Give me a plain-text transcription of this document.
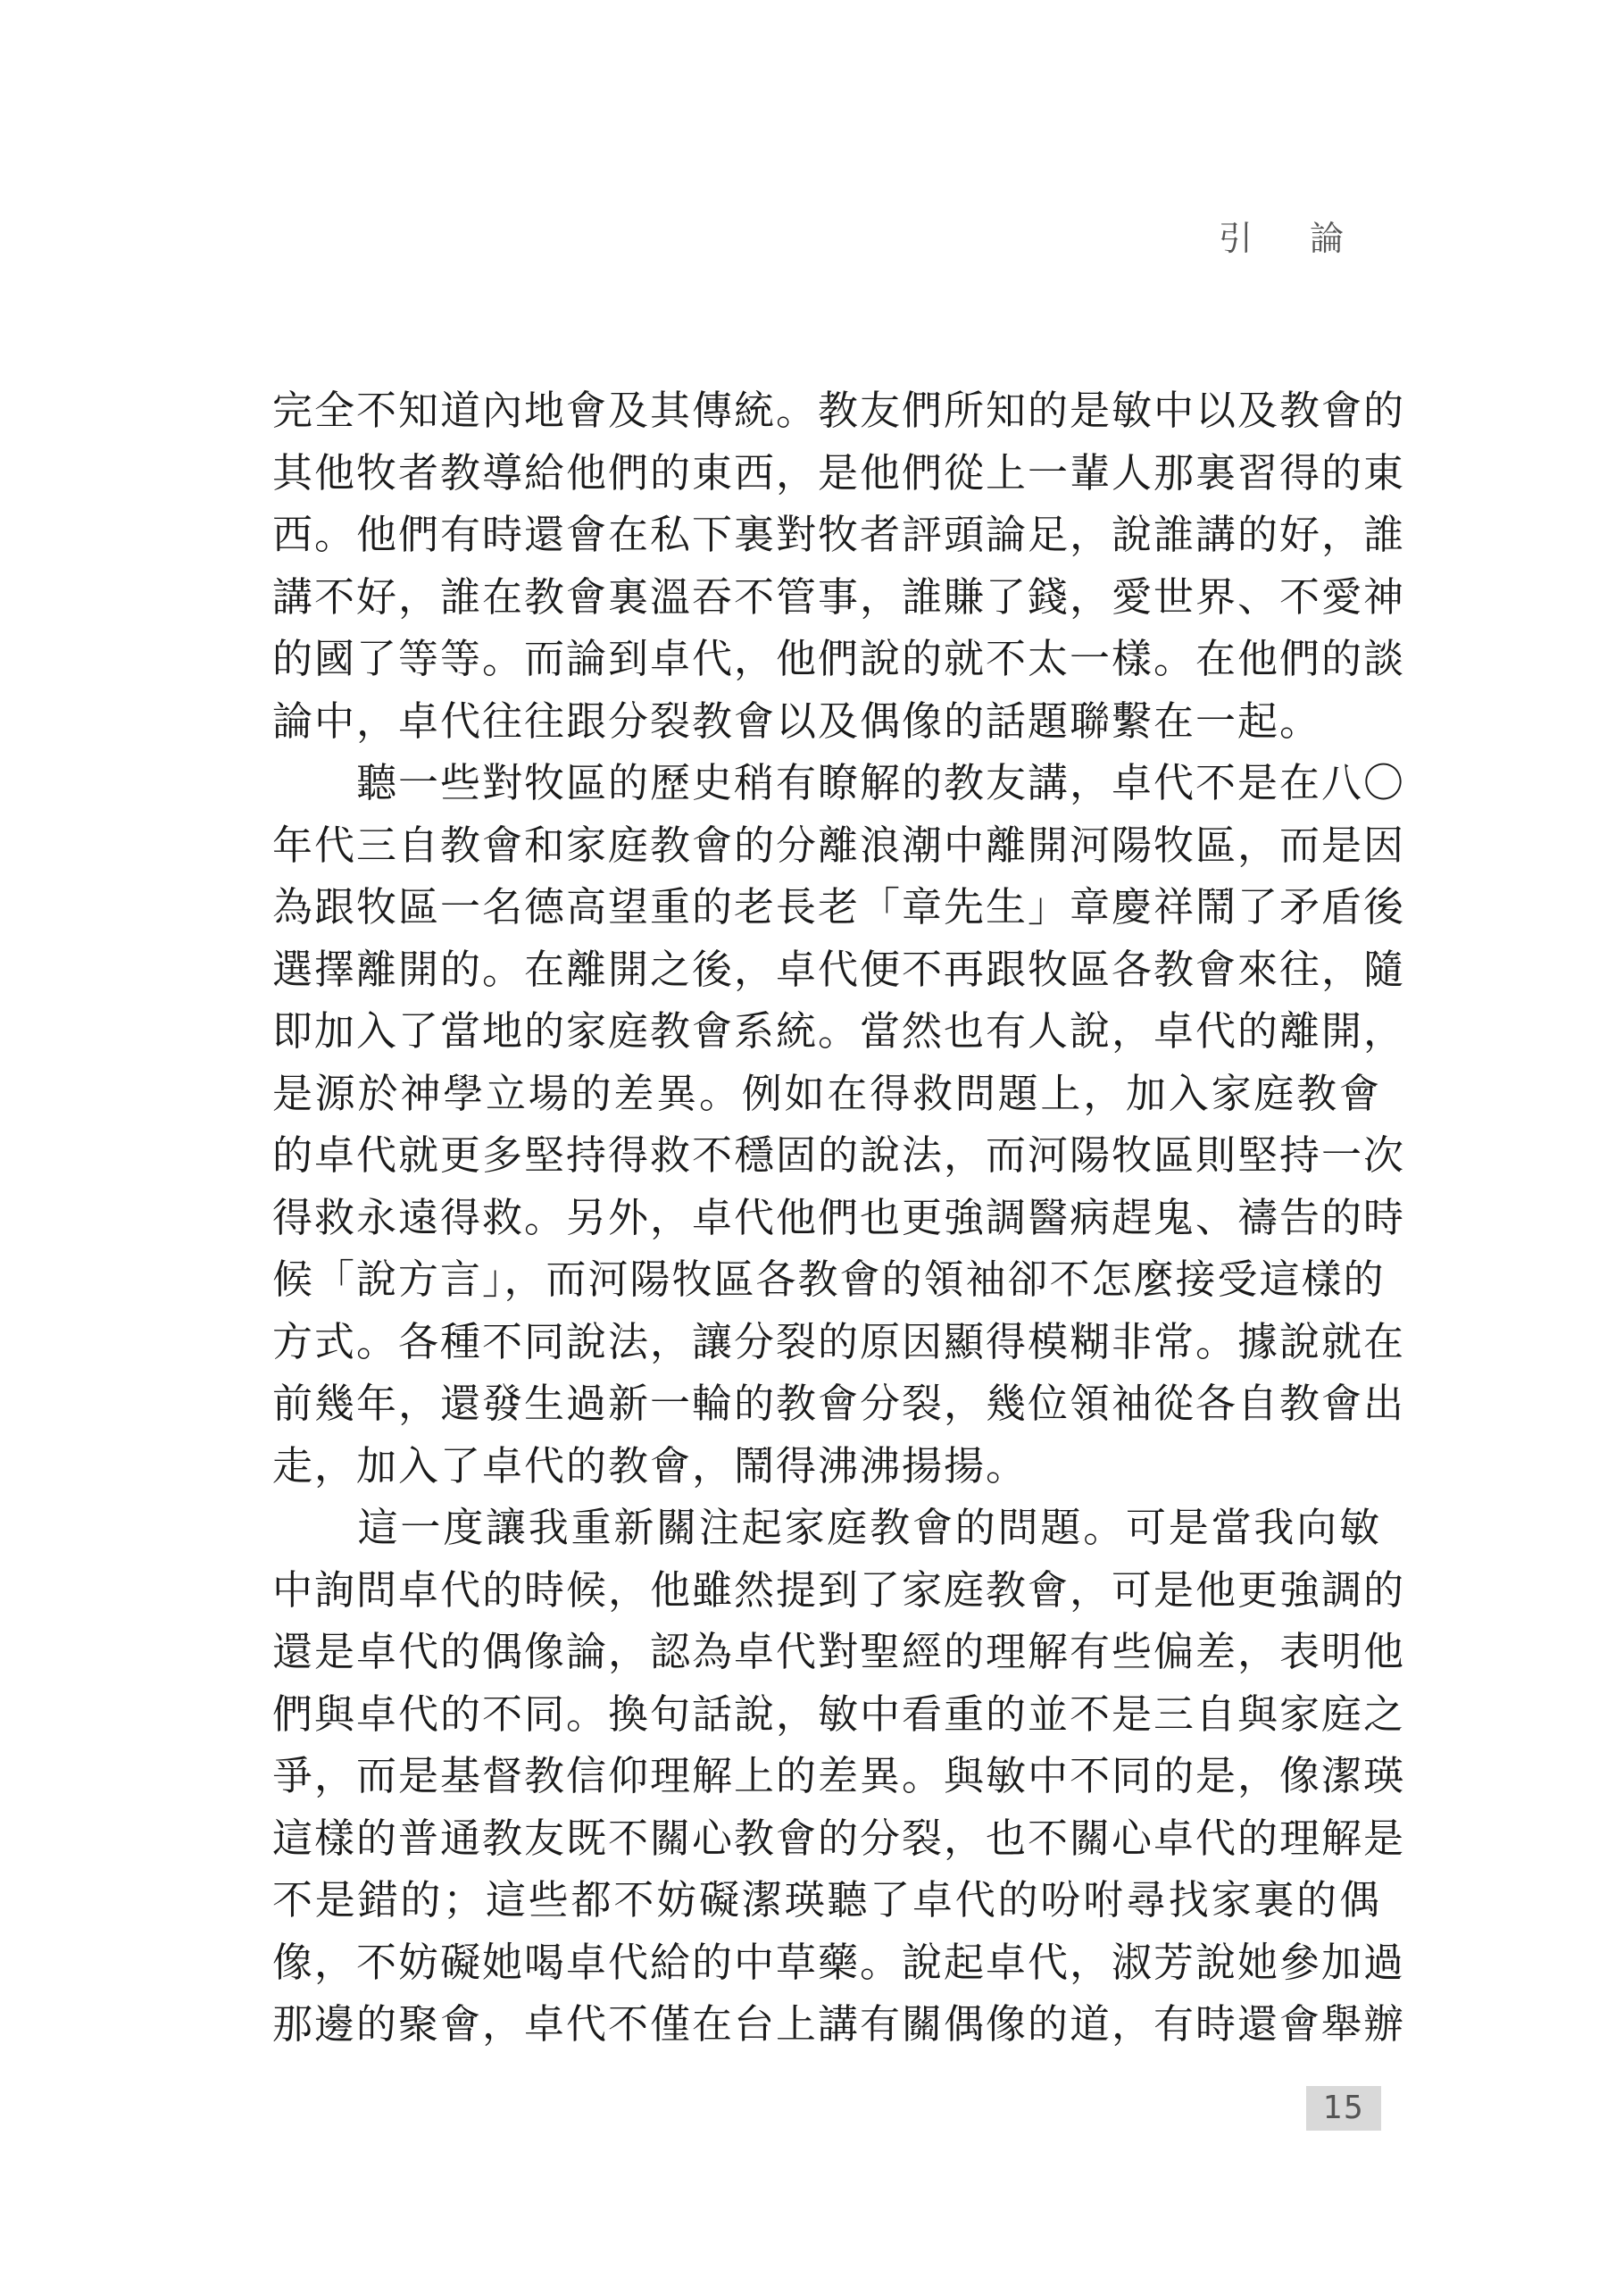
引 論

完全不知道內地會及其傳統。教友們所知的是敏中以及教會的
其他牧者教導給他們的東西，是他們從上一輩人那裏習得的東
西。他們有時還會在私下裏對牧者評頭論足，說誰講的好，誰
講不好，誰在教會裏溫吞不管事，誰賺了錢，愛世界、不愛神
的國了等等。而論到卓代，他們說的就不太一樣。在他們的談
論中，卓代往往跟分裂教會以及偶像的話題聯繫在一起。

　　聽一些對牧區的歷史稍有瞭解的教友講，卓代不是在八〇
年代三自教會和家庭教會的分離浪潮中離開河陽牧區，而是因
為跟牧區一名德高望重的老長老「章先生」章慶祥鬧了矛盾後
選擇離開的。在離開之後，卓代便不再跟牧區各教會來往，隨
即加入了當地的家庭教會系統。當然也有人說，卓代的離開，
是源於神學立場的差異。例如在得救問題上，加入家庭教會
的卓代就更多堅持得救不穩固的說法，而河陽牧區則堅持一次
得救永遠得救。另外，卓代他們也更強調醫病趕鬼、禱告的時
候「說方言」，而河陽牧區各教會的領袖卻不怎麼接受這樣的
方式。各種不同說法，讓分裂的原因顯得模糊非常。據說就在
前幾年，還發生過新一輪的教會分裂，幾位領袖從各自教會出
走，加入了卓代的教會，鬧得沸沸揚揚。

　　這一度讓我重新關注起家庭教會的問題。可是當我向敏
中詢問卓代的時候，他雖然提到了家庭教會，可是他更強調的
還是卓代的偶像論，認為卓代對聖經的理解有些偏差，表明他
們與卓代的不同。換句話說，敏中看重的並不是三自與家庭之
爭，而是基督教信仰理解上的差異。與敏中不同的是，像潔瑛
這樣的普通教友既不關心教會的分裂，也不關心卓代的理解是
不是錯的；這些都不妨礙潔瑛聽了卓代的吩咐尋找家裏的偶
像，不妨礙她喝卓代給的中草藥。說起卓代，淑芳說她參加過
那邊的聚會，卓代不僅在台上講有關偶像的道，有時還會舉辦

15
